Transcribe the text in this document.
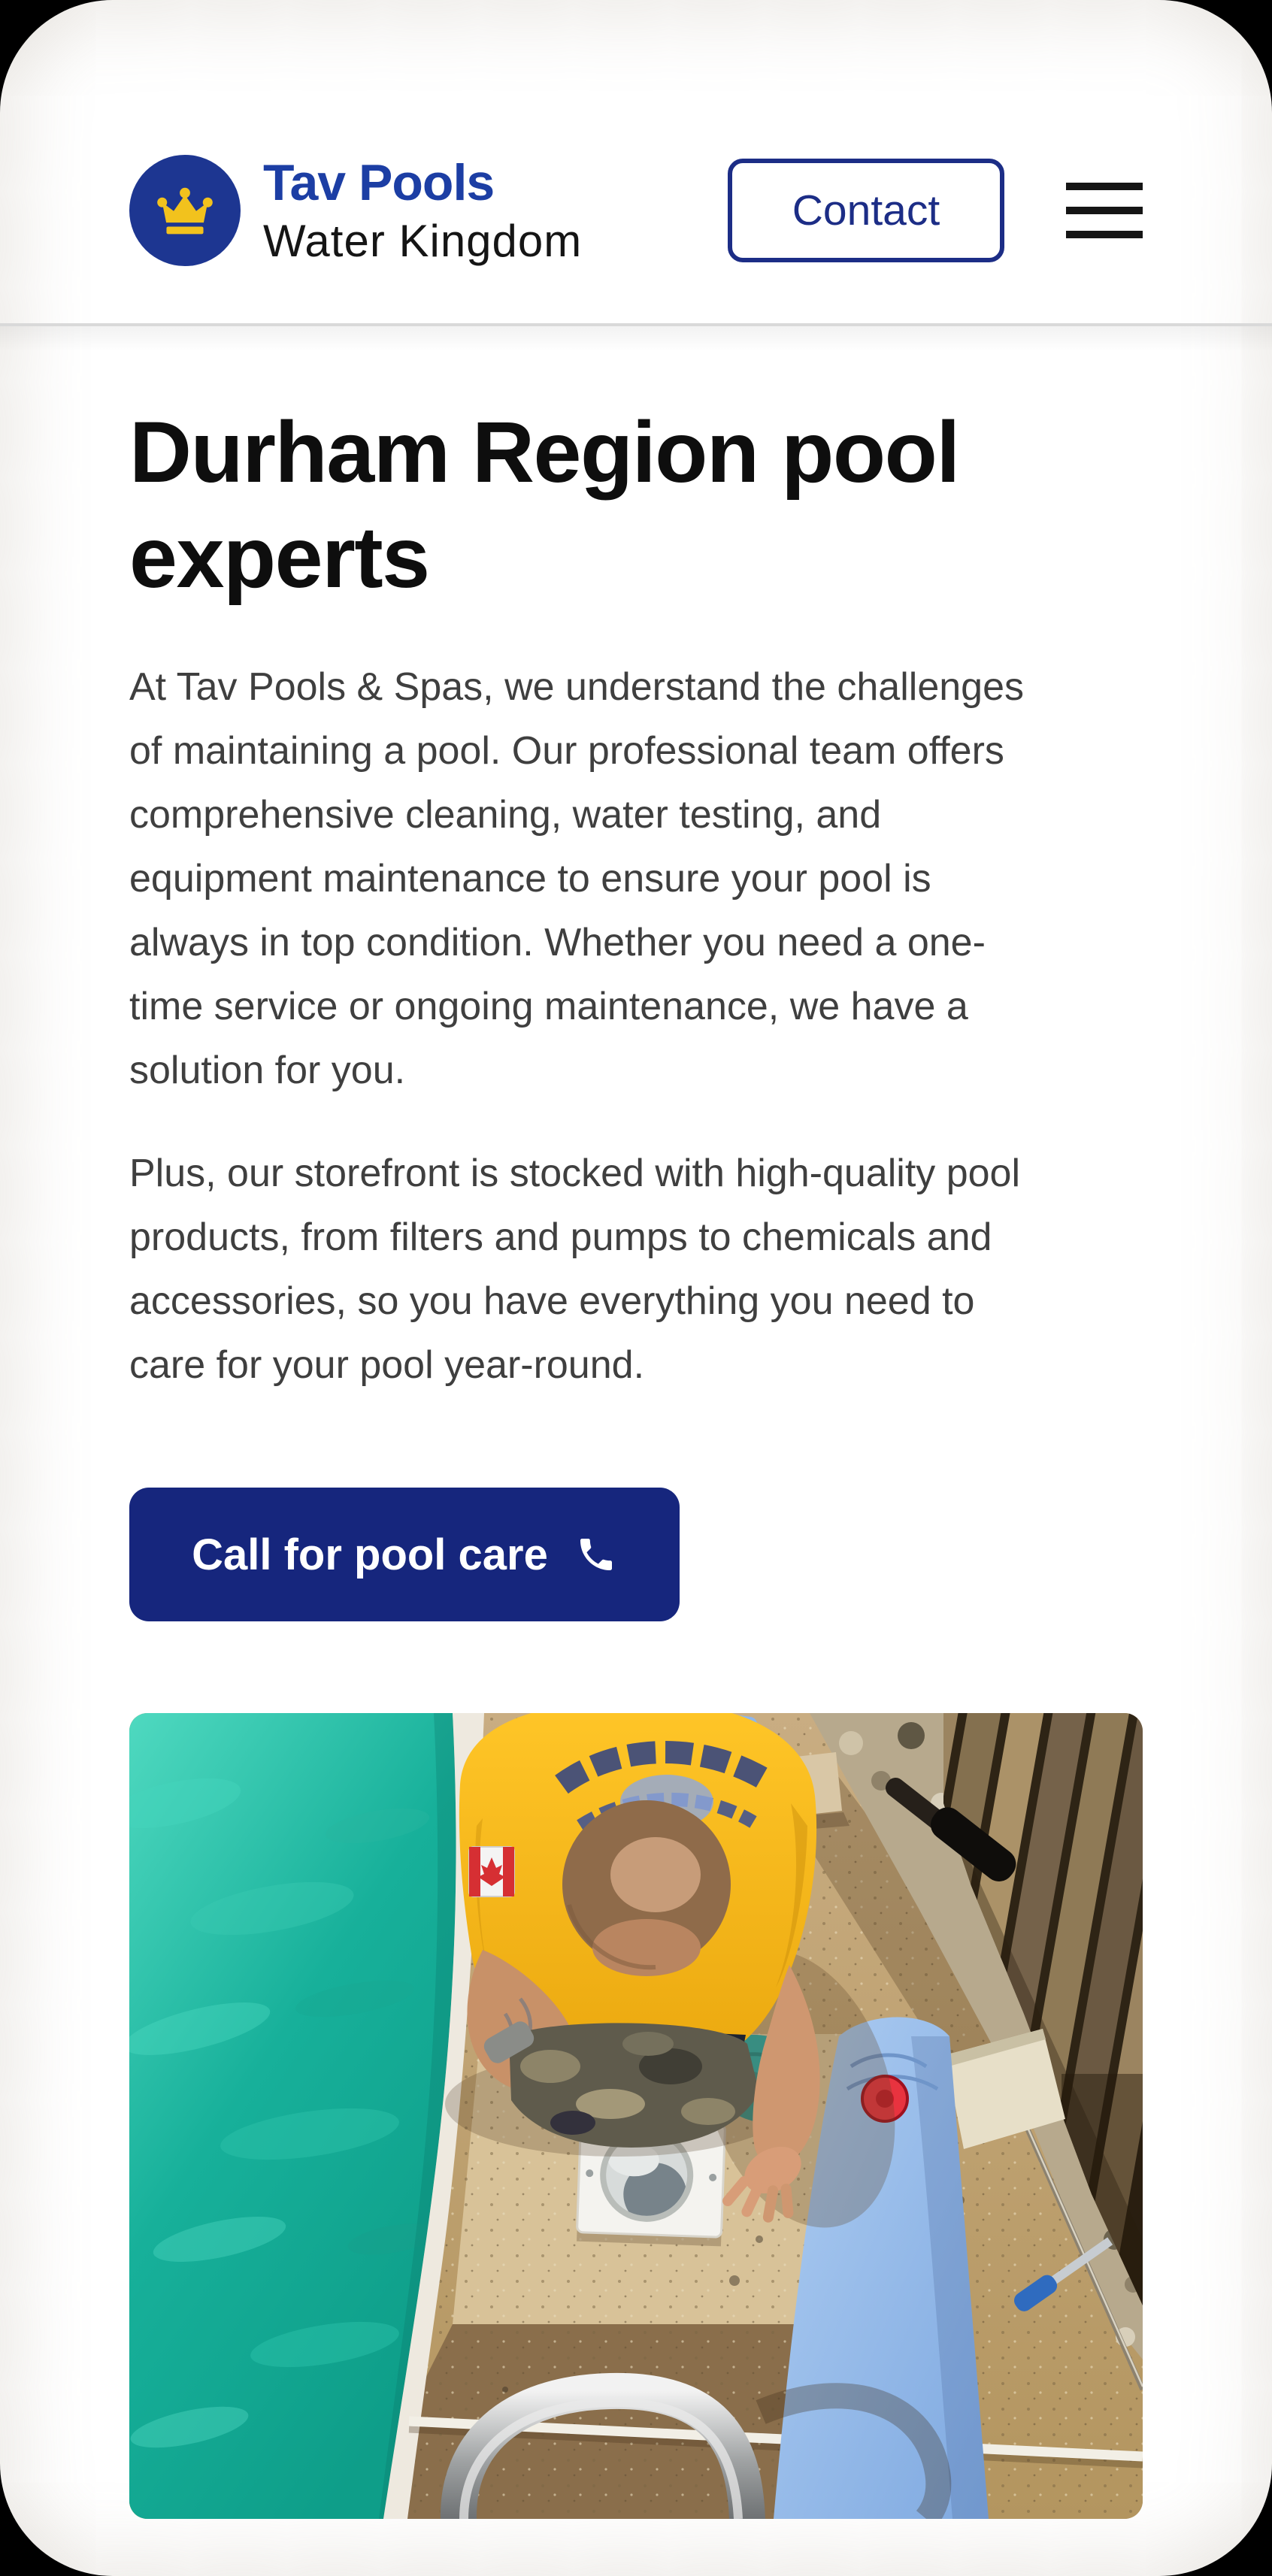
Tav Pools
Water Kingdom
Contact
Durham Region pool experts
At Tav Pools & Spas, we understand the challenges
of maintaining a pool. Our professional team offers
comprehensive cleaning, water testing, and
equipment maintenance to ensure your pool is
always in top condition. Whether you need a one-
time service or ongoing maintenance, we have a
solution for you.
Plus, our storefront is stocked with high-quality pool
products, from filters and pumps to chemicals and
accessories, so you have everything you need to
care for your pool year-round.
Call for pool care
